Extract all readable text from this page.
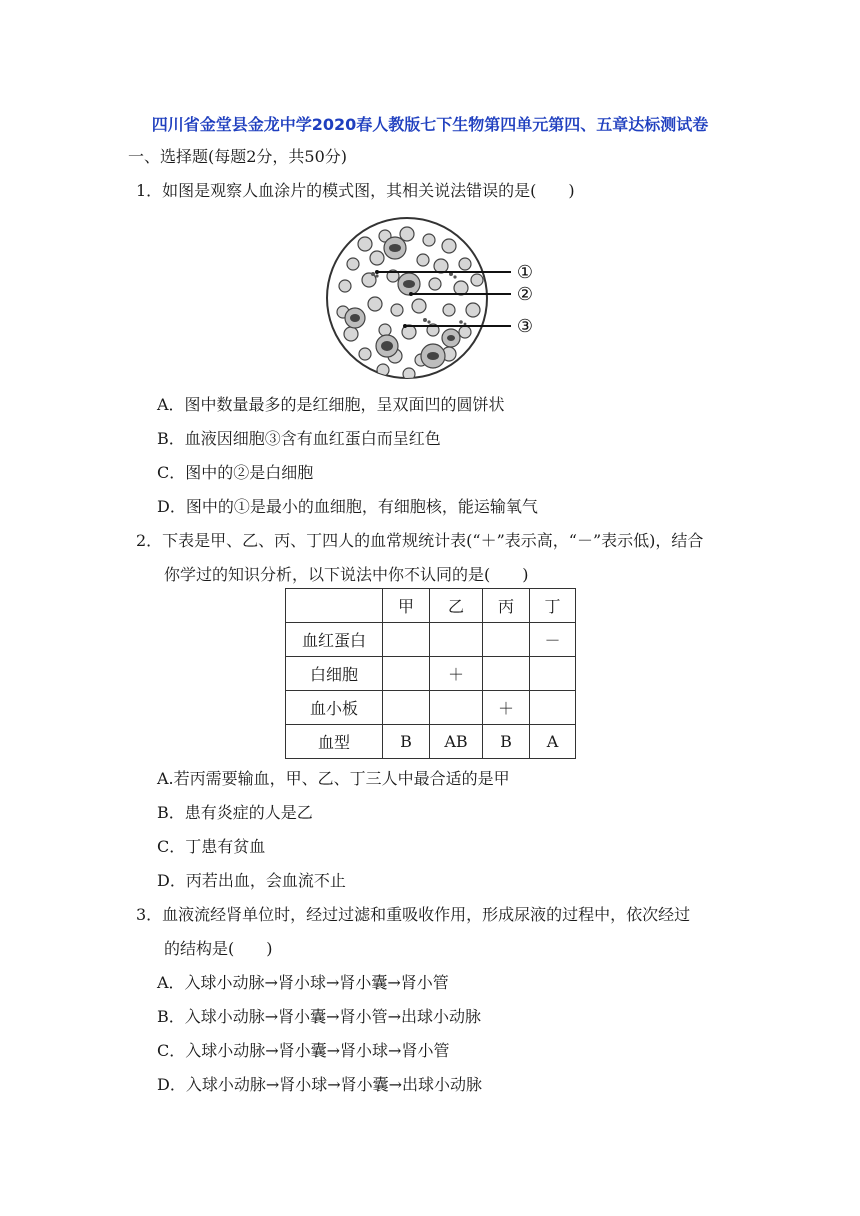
四川省金堂县金龙中学2020春人教版七下生物第四单元第四、五章达标测试卷
一、选择题(每题2分，共50分)
1．如图是观察人血涂片的模式图，其相关说法错误的是(　　)
①
②
③
A．图中数量最多的是红细胞，呈双面凹的圆饼状
B．血液因细胞③含有血红蛋白而呈红色
C．图中的②是白细胞
D．图中的①是最小的血细胞，有细胞核，能运输氧气
2．下表是甲、乙、丙、丁四人的血常规统计表(“＋”表示高，“－”表示低)，结合
你学过的知识分析，以下说法中你不认同的是(　　)
	甲	乙	丙	丁
血红蛋白				－
白细胞		＋		
血小板			＋	
血型	B	AB	B	A
A.若丙需要输血，甲、乙、丁三人中最合适的是甲
B．患有炎症的人是乙
C．丁患有贫血
D．丙若出血，会血流不止
3．血液流经肾单位时，经过过滤和重吸收作用，形成尿液的过程中，依次经过
的结构是(　　)
A．入球小动脉→肾小球→肾小囊→肾小管
B．入球小动脉→肾小囊→肾小管→出球小动脉
C．入球小动脉→肾小囊→肾小球→肾小管
D．入球小动脉→肾小球→肾小囊→出球小动脉
